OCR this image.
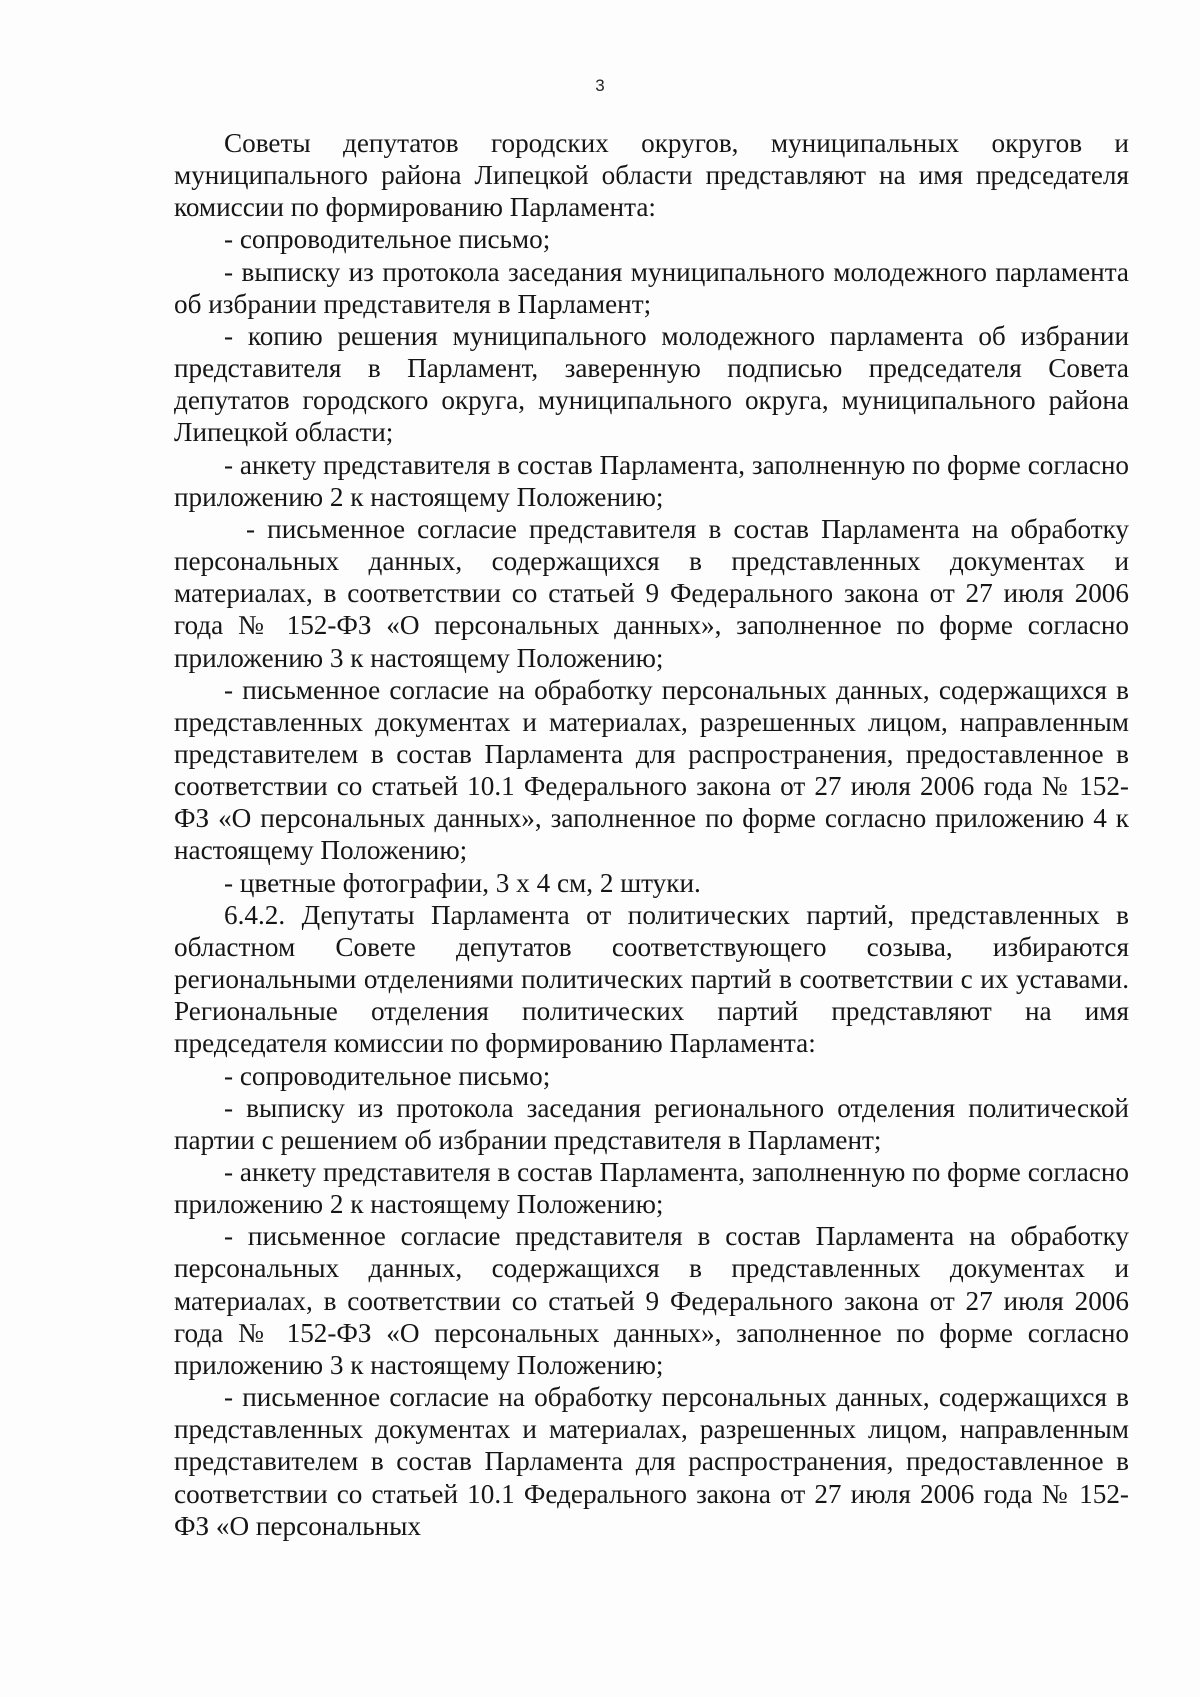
3

Советы депутатов городских округов, муниципальных округов и муниципального района Липецкой области представляют на имя председателя комиссии по формированию Парламента:

- сопроводительное письмо;

- выписку из протокола заседания муниципального молодежного парламента об избрании представителя в Парламент;

- копию решения муниципального молодежного парламента об избрании представителя в Парламент, заверенную подписью председателя Совета депутатов городского округа, муниципального округа, муниципального района Липецкой области;

- анкету представителя в состав Парламента, заполненную по форме согласно приложению 2 к настоящему Положению;

- письменное согласие представителя в состав Парламента на обработку персональных данных, содержащихся в представленных документах и материалах, в соответствии со статьей 9 Федерального закона от 27 июля 2006 года № 152-ФЗ «О персональных данных», заполненное по форме согласно приложению 3 к настоящему Положению;

- письменное согласие на обработку персональных данных, содержащихся в представленных документах и материалах, разрешенных лицом, направленным представителем в состав Парламента для распространения, предоставленное в соответствии со статьей 10.1 Федерального закона от 27 июля 2006 года № 152-ФЗ «О персональных данных», заполненное по форме согласно приложению 4 к настоящему Положению;

- цветные фотографии, 3 х 4 см, 2 штуки.

6.4.2. Депутаты Парламента от политических партий, представленных в областном Совете депутатов соответствующего созыва, избираются региональными отделениями политических партий в соответствии с их уставами. Региональные отделения политических партий представляют на имя председателя комиссии по формированию Парламента:

- сопроводительное письмо;

- выписку из протокола заседания регионального отделения политической партии с решением об избрании представителя в Парламент;

- анкету представителя в состав Парламента, заполненную по форме согласно приложению 2 к настоящему Положению;

- письменное согласие представителя в состав Парламента на обработку персональных данных, содержащихся в представленных документах и материалах, в соответствии со статьей 9 Федерального закона от 27 июля 2006 года № 152-ФЗ «О персональных данных», заполненное по форме согласно приложению 3 к настоящему Положению;

- письменное согласие на обработку персональных данных, содержащихся в представленных документах и материалах, разрешенных лицом, направленным представителем в состав Парламента для распространения, предоставленное в соответствии со статьей 10.1 Федерального закона от 27 июля 2006 года № 152-ФЗ «О персональных
